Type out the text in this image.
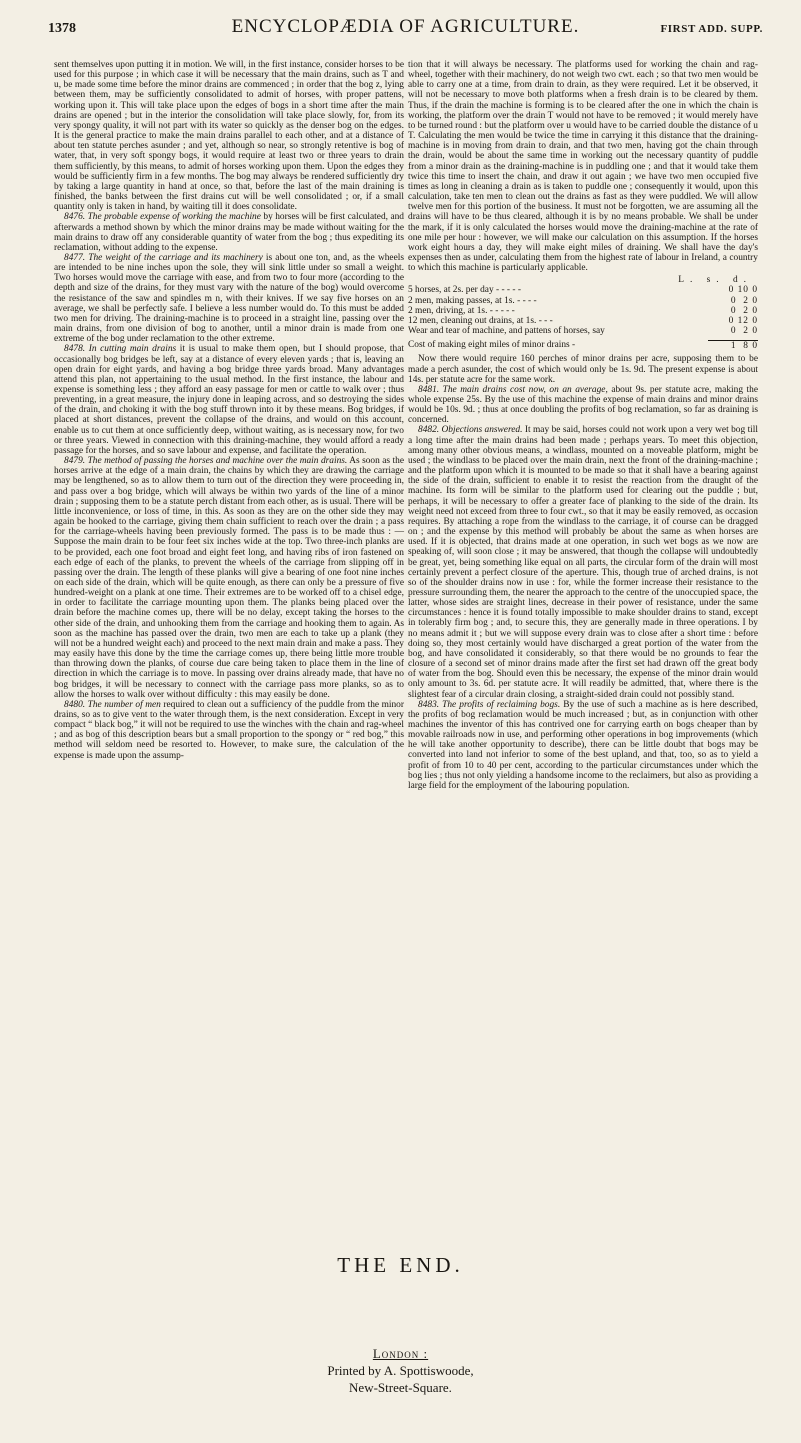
1378	ENCYCLOPÆDIA OF AGRICULTURE.	FIRST ADD. SUPP.

sent themselves upon putting it in motion. We will, in the first instance, consider horses to be used for this purpose ; in which case it will be necessary that the main drains, such as T and u, be made some time before the minor drains are commenced ; in order that the bog z, lying between them, may be sufficiently consolidated to admit of horses, with proper pattens, working upon it. This will take place upon the edges of bogs in a short time after the main drains are opened ; but in the interior the consolidation will take place slowly, for, from its very spongy quality, it will not part with its water so quickly as the denser bog on the edges. It is the general practice to make the main drains parallel to each other, and at a distance of about ten statute perches asunder ; and yet, although so near, so strongly retentive is bog of water, that, in very soft spongy bogs, it would require at least two or three years to drain them sufficiently, by this means, to admit of horses working upon them. Upon the edges they would be sufficiently firm in a few months. The bog may always be rendered sufficiently dry by taking a large quantity in hand at once, so that, before the last of the main draining is finished, the banks between the first drains cut will be well consolidated ; or, if a small quantity only is taken in hand, by waiting till it does consolidate.

8476. The probable expense of working the machine by horses will be first calculated, and afterwards a method shown by which the minor drains may be made without waiting for the main drains to draw off any considerable quantity of water from the bog ; thus expediting its reclamation, without adding to the expense.

8477. The weight of the carriage and its machinery is about one ton, and, as the wheels are intended to be nine inches upon the sole, they will sink little under so small a weight. Two horses would move the carriage with ease, and from two to four more (according to the depth and size of the drains, for they must vary with the nature of the bog) would overcome the resistance of the saw and spindles m n, with their knives. If we say five horses on an average, we shall be perfectly safe. I believe a less number would do. To this must be added two men for driving. The draining-machine is to proceed in a straight line, passing over the main drains, from one division of bog to another, until a minor drain is made from one extreme of the bog under reclamation to the other extreme.

8478. In cutting main drains it is usual to make them open, but I should propose, that occasionally bog bridges be left, say at a distance of every eleven yards ; that is, leaving an open drain for eight yards, and having a bog bridge three yards broad. Many advantages attend this plan, not appertaining to the usual method. In the first instance, the labour and expense is something less ; they afford an easy passage for men or cattle to walk over ; thus preventing, in a great measure, the injury done in leaping across, and so destroying the sides of the drain, and choking it with the bog stuff thrown into it by these means. Bog bridges, if placed at short distances, prevent the collapse of the drains, and would on this account, enable us to cut them at once sufficiently deep, without waiting, as is necessary now, for two or three years. Viewed in connection with this draining-machine, they would afford a ready passage for the horses, and so save labour and expense, and facilitate the operation.

8479. The method of passing the horses and machine over the main drains. As soon as the horses arrive at the edge of a main drain, the chains by which they are drawing the carriage may be lengthened, so as to allow them to turn out of the direction they were proceeding in, and pass over a bog bridge, which will always be within two yards of the line of a minor drain ; supposing them to be a statute perch distant from each other, as is usual. There will be little inconvenience, or loss of time, in this. As soon as they are on the other side they may again be hooked to the carriage, giving them chain sufficient to reach over the drain ; a pass for the carriage-wheels having been previously formed. The pass is to be made thus : — Suppose the main drain to be four feet six inches wide at the top. Two three-inch planks are to be provided, each one foot broad and eight feet long, and having ribs of iron fastened on each edge of each of the planks, to prevent the wheels of the carriage from slipping off in passing over the drain. The length of these planks will give a bearing of one foot nine inches on each side of the drain, which will be quite enough, as there can only be a pressure of five hundred-weight on a plank at one time. Their extremes are to be worked off to a chisel edge, in order to facilitate the carriage mounting upon them. The planks being placed over the drain before the machine comes up, there will be no delay, except taking the horses to the other side of the drain, and unhooking them from the carriage and hooking them to again. As soon as the machine has passed over the drain, two men are each to take up a plank (they will not be a hundred weight each) and proceed to the next main drain and make a pass. They may easily have this done by the time the carriage comes up, there being little more trouble than throwing down the planks, of course due care being taken to place them in the line of direction in which the carriage is to move. In passing over drains already made, that have no bog bridges, it will be necessary to connect with the carriage pass more planks, so as to allow the horses to walk over without difficulty : this may easily be done.

8480. The number of men required to clean out a sufficiency of the puddle from the minor drains, so as to give vent to the water through them, is the next consideration. Except in very compact “ black bog,” it will not be required to use the winches with the chain and rag-wheel ; and as bog of this description bears but a small proportion to the spongy or “ red bog,” this method will seldom need be resorted to. However, to make sure, the calculation of the expense is made upon the assump-

tion that it will always be necessary. The platforms used for working the chain and rag-wheel, together with their machinery, do not weigh two cwt. each ; so that two men would be able to carry one at a time, from drain to drain, as they were required. Let it be observed, it will not be necessary to move both platforms when a fresh drain is to be cleared by them. Thus, if the drain the machine is forming is to be cleared after the one in which the chain is working, the platform over the drain T would not have to be removed ; it would merely have to be turned round : but the platform over u would have to be carried double the distance of u T. Calculating the men would be twice the time in carrying it this distance that the draining-machine is in moving from drain to drain, and that two men, having got the chain through the drain, would be about the same time in working out the necessary quantity of puddle from a minor drain as the draining-machine is in puddling one ; and that it would take them twice this time to insert the chain, and draw it out again ; we have two men occupied five times as long in cleaning a drain as is taken to puddle one ; consequently it would, upon this calculation, take ten men to clean out the drains as fast as they were puddled. We will allow twelve men for this portion of the business. It must not be forgotten, we are assuming all the drains will have to be thus cleared, although it is by no means probable. We shall be under the mark, if it is only calculated the horses would move the draining-machine at the rate of one mile per hour : however, we will make our calculation on this assumption. If the horses work eight hours a day, they will make eight miles of draining. We shall have the day's expenses then as under, calculating them from the highest rate of labour in Ireland, a country to which this machine is particularly applicable.

L. s. d.
5 horses, at 2s. per day - - - - -	0 10 0
2 men, making passes, at 1s. - - - -	0  2 0
2 men, driving, at 1s. - - - - -	0  2 0
12 men, cleaning out drains, at 1s. - - -	0 12 0
Wear and tear of machine, and pattens of horses, say	0  2 0
Cost of making eight miles of minor drains -	1  8 0

Now there would require 160 perches of minor drains per acre, supposing them to be made a perch asunder, the cost of which would only be 1s. 9d. The present expense is about 14s. per statute acre for the same work.

8481. The main drains cost now, on an average, about 9s. per statute acre, making the whole expense 25s. By the use of this machine the expense of main drains and minor drains would be 10s. 9d. ; thus at once doubling the profits of bog reclamation, so far as draining is concerned.

8482. Objections answered. It may be said, horses could not work upon a very wet bog till a long time after the main drains had been made ; perhaps years. To meet this objection, among many other obvious means, a windlass, mounted on a moveable platform, might be used ; the windlass to be placed over the main drain, next the front of the draining-machine ; and the platform upon which it is mounted to be made so that it shall have a bearing against the side of the drain, sufficient to enable it to resist the reaction from the draught of the machine. Its form will be similar to the platform used for clearing out the puddle ; but, perhaps, it will be necessary to offer a greater face of planking to the side of the drain. Its weight need not exceed from three to four cwt., so that it may be easily removed, as occasion requires. By attaching a rope from the windlass to the carriage, it of course can be dragged on ; and the expense by this method will probably be about the same as when horses are used. If it is objected, that drains made at one operation, in such wet bogs as we now are speaking of, will soon close ; it may be answered, that though the collapse will undoubtedly be great, yet, being something like equal on all parts, the circular form of the drain will most certainly prevent a perfect closure of the aperture. This, though true of arched drains, is not so of the shoulder drains now in use : for, while the former increase their resistance to the pressure surrounding them, the nearer the approach to the centre of the unoccupied space, the latter, whose sides are straight lines, decrease in their power of resistance, under the same circumstances : hence it is found totally impossible to make shoulder drains to stand, except in tolerably firm bog ; and, to secure this, they are generally made in three operations. I by no means admit it ; but we will suppose every drain was to close after a short time : before doing so, they most certainly would have discharged a great portion of the water from the bog, and have consolidated it considerably, so that there would be no grounds to fear the closure of a second set of minor drains made after the first set had drawn off the great body of water from the bog. Should even this be necessary, the expense of the minor drain would only amount to 3s. 6d. per statute acre. It will readily be admitted, that, where there is the slightest fear of a circular drain closing, a straight-sided drain could not possibly stand.

8483. The profits of reclaiming bogs. By the use of such a machine as is here described, the profits of bog reclamation would be much increased ; but, as in conjunction with other machines the inventor of this has contrived one for carrying earth on bogs cheaper than by movable railroads now in use, and performing other operations in bog improvements (which he will take another opportunity to describe), there can be little doubt that bogs may be converted into land not inferior to some of the best upland, and that, too, so as to yield a profit of from 10 to 40 per cent, according to the particular circumstances under which the bog lies ; thus not only yielding a handsome income to the reclaimers, but also as providing a large field for the employment of the labouring population.

THE END.
London :
Printed by A. Spottiswoode,
New-Street-Square.
